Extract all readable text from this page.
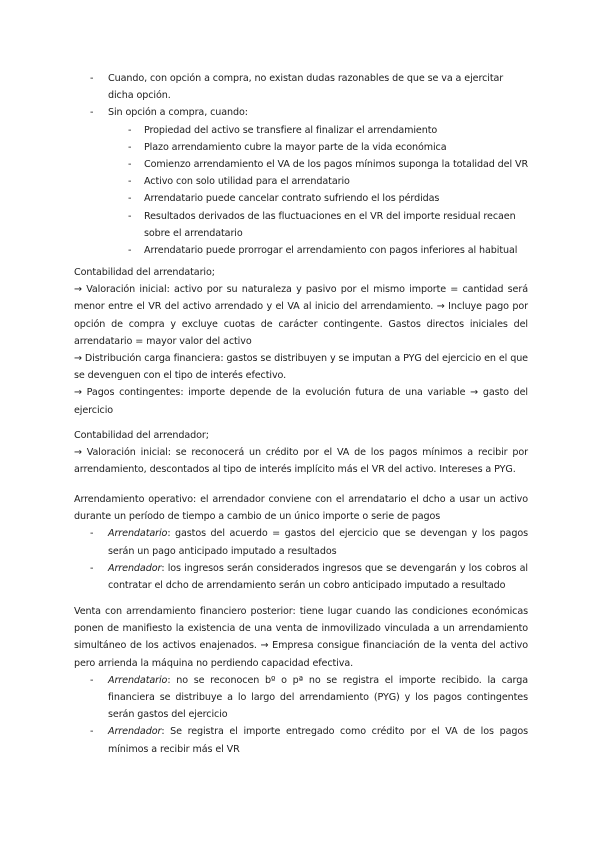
- Cuando, con opción a compra, no existan dudas razonables de que se va a ejercitar dicha opción.
- Sin opción a compra, cuando:
- Propiedad del activo se transfiere al finalizar el arrendamiento
- Plazo arrendamiento cubre la mayor parte de la vida económica
- Comienzo arrendamiento el VA de los pagos mínimos suponga la totalidad del VR
- Activo con solo utilidad para el arrendatario
- Arrendatario puede cancelar contrato sufriendo el los pérdidas
- Resultados derivados de las fluctuaciones en el VR del importe residual recaen sobre el arrendatario
- Arrendatario puede prorrogar el arrendamiento con pagos inferiores al habitual

Contabilidad del arrendatario;

→ Valoración inicial: activo por su naturaleza y pasivo por el mismo importe = cantidad será menor entre el VR del activo arrendado y el VA al inicio del arrendamiento. → Incluye pago por opción de compra y excluye cuotas de carácter contingente. Gastos directos iniciales del arrendatario = mayor valor del activo

→ Distribución carga financiera: gastos se distribuyen y se imputan a PYG del ejercicio en el que se devenguen con el tipo de interés efectivo.

→ Pagos contingentes: importe depende de la evolución futura de una variable → gasto del ejercicio

Contabilidad del arrendador;

→ Valoración inicial: se reconocerá un crédito por el VA de los pagos mínimos a recibir por arrendamiento, descontados al tipo de interés implícito más el VR del activo. Intereses a PYG.

Arrendamiento operativo: el arrendador conviene con el arrendatario el dcho a usar un activo durante un período de tiempo a cambio de un único importe o serie de pagos

- Arrendatario: gastos del acuerdo = gastos del ejercicio que se devengan y los pagos serán un pago anticipado imputado a resultados
- Arrendador: los ingresos serán considerados ingresos que se devengarán y los cobros al contratar el dcho de arrendamiento serán un cobro anticipado imputado a resultado

Venta con arrendamiento financiero posterior: tiene lugar cuando las condiciones económicas ponen de manifiesto la existencia de una venta de inmovilizado vinculada a un arrendamiento simultáneo de los activos enajenados. → Empresa consigue financiación de la venta del activo pero arrienda la máquina no perdiendo capacidad efectiva.

- Arrendatario: no se reconocen bº o pª no se registra el importe recibido. la carga financiera se distribuye a lo largo del arrendamiento (PYG) y los pagos contingentes serán gastos del ejercicio
- Arrendador: Se registra el importe entregado como crédito por el VA de los pagos mínimos a recibir más el VR
